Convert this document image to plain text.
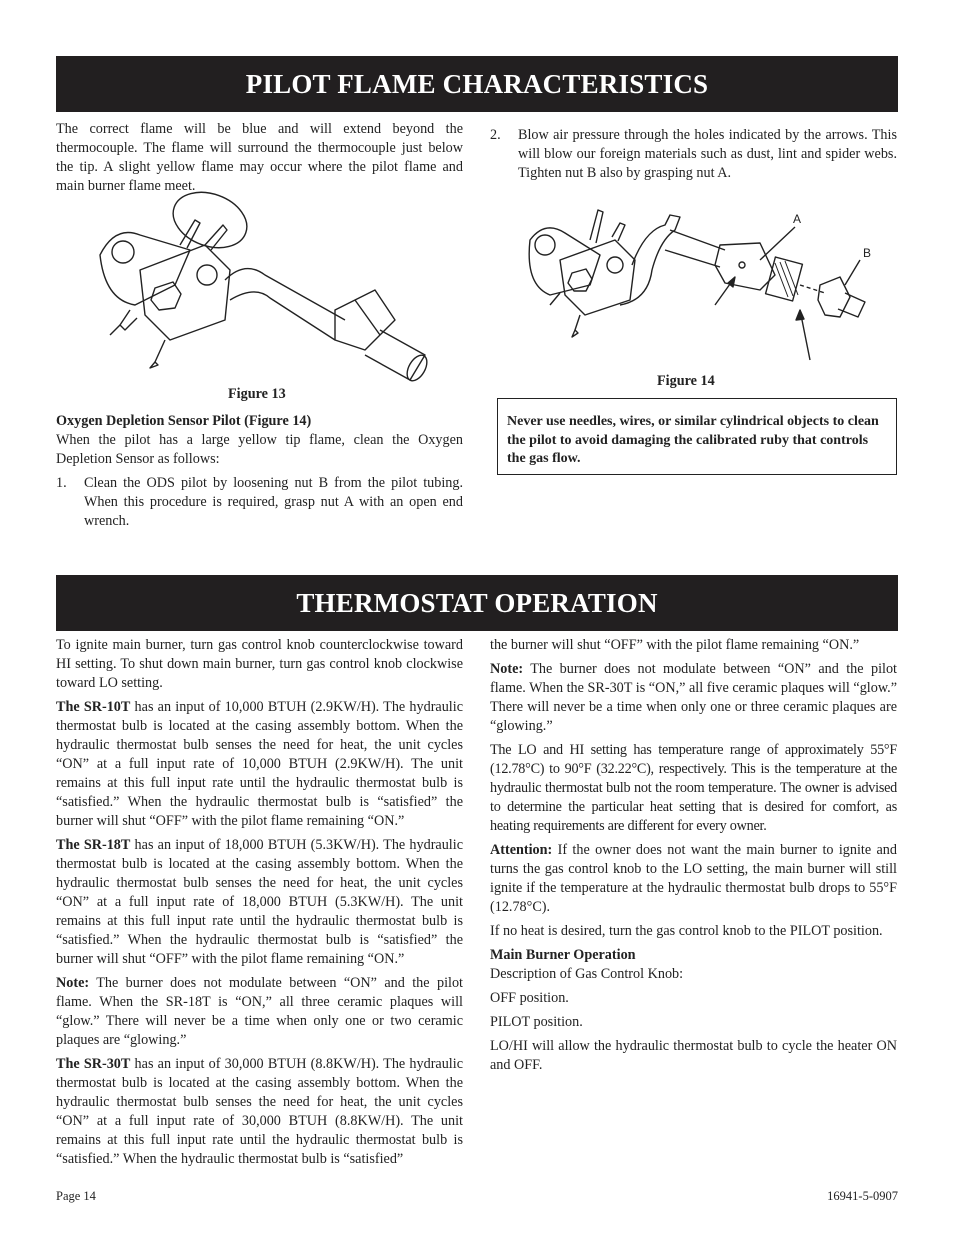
PILOT FLAME CHARACTERISTICS

The correct flame will be blue and will extend beyond the thermocouple. The flame will surround the thermocouple just below the tip. A slight yellow flame may occur where the pilot flame and main burner flame meet.

Figure 13
Oxygen Depletion Sensor Pilot (Figure 14)

When the pilot has a large yellow tip flame, clean the Oxygen Depletion Sensor as follows:

1. Clean the ODS pilot by loosening nut B from the pilot tubing. When this procedure is required, grasp nut A with an open end wrench.
2. Blow air pressure through the holes indicated by the arrows. This will blow our foreign materials such as dust, lint and spider webs. Tighten nut B also by grasping nut A.
A
B
Figure 14
Never use needles, wires, or similar cylindrical objects to clean the pilot to avoid damaging the calibrated ruby that controls the gas flow.
THERMOSTAT OPERATION

To ignite main burner, turn gas control knob counterclockwise toward HI setting. To shut down main burner, turn gas control knob clockwise toward LO setting.

The SR-10T has an input of 10,000 BTUH (2.9KW/H). The hydraulic thermostat bulb is located at the casing assembly bottom. When the hydraulic thermostat bulb senses the need for heat, the unit cycles “ON” at a full input rate of 10,000 BTUH (2.9KW/H). The unit remains at this full input rate until the hydraulic thermostat bulb is “satisfied.” When the hydraulic thermostat bulb is “satisfied” the burner will shut “OFF” with the pilot flame remaining “ON.”

The SR-18T has an input of 18,000 BTUH (5.3KW/H). The hydraulic thermostat bulb is located at the casing assembly bottom. When the hydraulic thermostat bulb senses the need for heat, the unit cycles “ON” at a full input rate of 18,000 BTUH (5.3KW/H). The unit remains at this full input rate until the hydraulic thermostat bulb is “satisfied.” When the hydraulic thermostat bulb is “satisfied” the burner will shut “OFF” with the pilot flame remaining “ON.”

Note: The burner does not modulate between “ON” and the pilot flame. When the SR-18T is “ON,” all three ceramic plaques will “glow.” There will never be a time when only one or two ceramic plaques are “glowing.”

The SR-30T has an input of 30,000 BTUH (8.8KW/H). The hydraulic thermostat bulb is located at the casing assembly bottom. When the hydraulic thermostat bulb senses the need for heat, the unit cycles “ON” at a full input rate of 30,000 BTUH (8.8KW/H). The unit remains at this full input rate until the hydraulic thermostat bulb is “satisfied.” When the hydraulic thermostat bulb is “satisfied”

the burner will shut “OFF” with the pilot flame remaining “ON.”

Note: The burner does not modulate between “ON” and the pilot flame. When the SR-30T is “ON,” all five ceramic plaques will “glow.” There will never be a time when only one or three ceramic plaques are “glowing.”

The LO and HI setting has temperature range of approximately 55°F (12.78°C) to 90°F (32.22°C), respectively. This is the temperature at the hydraulic thermostat bulb not the room temperature. The owner is advised to determine the particular heat setting that is desired for comfort, as heating requirements are different for every owner.

Attention: If the owner does not want the main burner to ignite and turns the gas control knob to the LO setting, the main burner will still ignite if the temperature at the hydraulic thermostat bulb drops to 55°F (12.78°C).

If no heat is desired, turn the gas control knob to the PILOT position.

Main Burner Operation

Description of Gas Control Knob:

OFF position.

PILOT position.

LO/HI will allow the hydraulic thermostat bulb to cycle the heater ON and OFF.

Page 14	16941-5-0907
